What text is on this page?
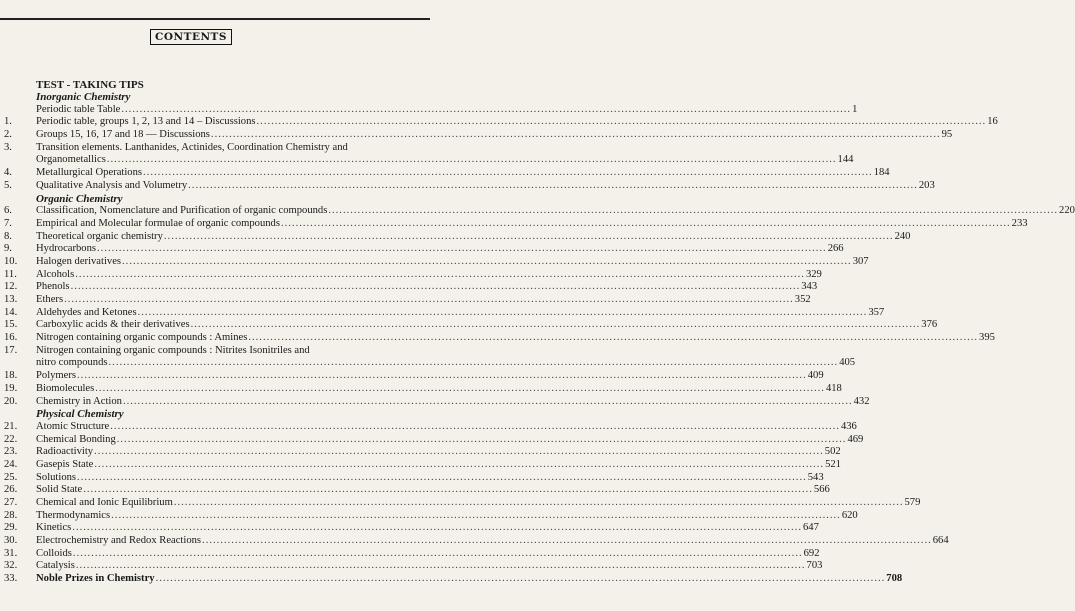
CONTENTS
TEST - TAKING TIPS
Inorganic Chemistry
Periodic table Table ........................................................................................................................................................................................................ 1
1. Periodic table, groups 1, 2, 13 and 14 – Discussions ........................................................................................................................................................................................................ 16
2. Groups 15, 16, 17 and 18 — Discussions ........................................................................................................................................................................................................ 95
3. Transition elements. Lanthanides, Actinides, Coordination Chemistry and
Organometallics ........................................................................................................................................................................................................ 144
4. Metallurgical Operations ........................................................................................................................................................................................................ 184
5. Qualitative Analysis and Volumetry ........................................................................................................................................................................................................ 203
Organic Chemistry
6. Classification, Nomenclature and Purification of organic compounds ........................................................................................................................................................................................................ 220
7. Empirical and Molecular formulae of organic compounds ........................................................................................................................................................................................................ 233
8. Theoretical organic chemistry ........................................................................................................................................................................................................ 240
9. Hydrocarbons ........................................................................................................................................................................................................ 266
10. Halogen derivatives ........................................................................................................................................................................................................ 307
11. Alcohols ........................................................................................................................................................................................................ 329
12. Phenols ........................................................................................................................................................................................................ 343
13. Ethers ........................................................................................................................................................................................................ 352
14. Aldehydes and Ketones ........................................................................................................................................................................................................ 357
15. Carboxylic acids & their derivatives ........................................................................................................................................................................................................ 376
16. Nitrogen containing organic compounds : Amines ........................................................................................................................................................................................................ 395
17. Nitrogen containing organic compounds : Nitrites Isonitriles and
nitro compounds ........................................................................................................................................................................................................ 405
18. Polymers ........................................................................................................................................................................................................ 409
19. Biomolecules ........................................................................................................................................................................................................ 418
20. Chemistry in Action ........................................................................................................................................................................................................ 432
Physical Chemistry
21. Atomic Structure ........................................................................................................................................................................................................ 436
22. Chemical Bonding ........................................................................................................................................................................................................ 469
23. Radioactivity ........................................................................................................................................................................................................ 502
24. Gasepis State ........................................................................................................................................................................................................ 521
25. Solutions ........................................................................................................................................................................................................ 543
26. Solid State ........................................................................................................................................................................................................ 566
27. Chemical and Ionic Equilibrium ........................................................................................................................................................................................................ 579
28. Thermodynamics ........................................................................................................................................................................................................ 620
29. Kinetics ........................................................................................................................................................................................................ 647
30. Electrochemistry and Redox Reactions ........................................................................................................................................................................................................ 664
31. Colloids ........................................................................................................................................................................................................ 692
32. Catalysis ........................................................................................................................................................................................................ 703
33. Noble Prizes in Chemistry ........................................................................................................................................................................................................ 708
